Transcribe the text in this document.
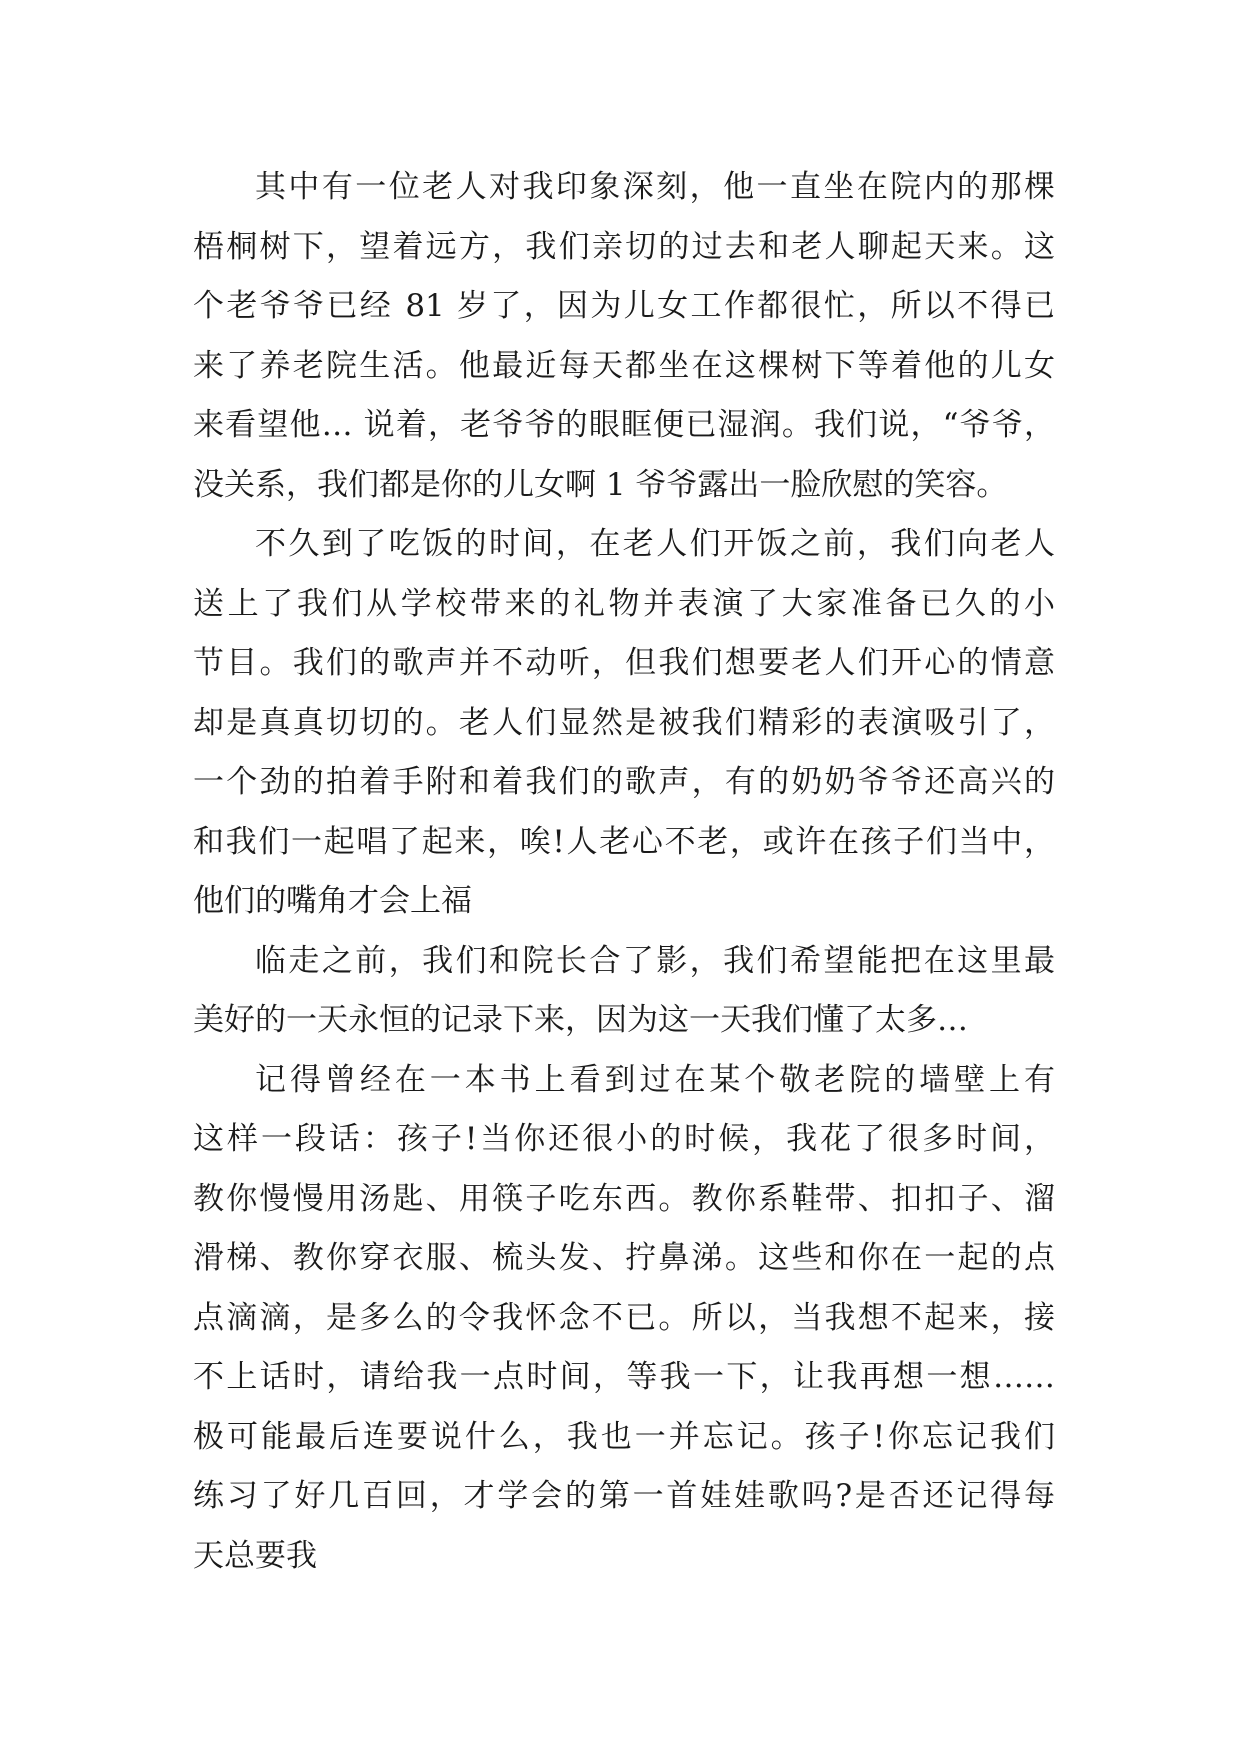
其中有一位老人对我印象深刻，他一直坐在院内的那棵
梧桐树下，望着远方，我们亲切的过去和老人聊起天来。这
个老爷爷已经 81 岁了，因为儿女工作都很忙，所以不得已
来了养老院生活。他最近每天都坐在这棵树下等着他的儿女
来看望他… 说着，老爷爷的眼眶便已湿润。我们说，“爷爷，
没关系，我们都是你的儿女啊 1 爷爷露出一脸欣慰的笑容。
不久到了吃饭的时间，在老人们开饭之前，我们向老人
送上了我们从学校带来的礼物并表演了大家准备已久的小
节目。我们的歌声并不动听，但我们想要老人们开心的情意
却是真真切切的。老人们显然是被我们精彩的表演吸引了，
一个劲的拍着手附和着我们的歌声，有的奶奶爷爷还高兴的
和我们一起唱了起来，唉!人老心不老，或许在孩子们当中，
他们的嘴角才会上福
临走之前，我们和院长合了影，我们希望能把在这里最
美好的一天永恒的记录下来，因为这一天我们懂了太多…
记得曾经在一本书上看到过在某个敬老院的墙壁上有
这样一段话：孩子!当你还很小的时候，我花了很多时间，
教你慢慢用汤匙、用筷子吃东西。教你系鞋带、扣扣子、溜
滑梯、教你穿衣服、梳头发、拧鼻涕。这些和你在一起的点
点滴滴，是多么的令我怀念不已。所以，当我想不起来，接
不上话时，请给我一点时间，等我一下，让我再想一想……
极可能最后连要说什么，我也一并忘记。孩子!你忘记我们
练习了好几百回，才学会的第一首娃娃歌吗?是否还记得每
天总要我
